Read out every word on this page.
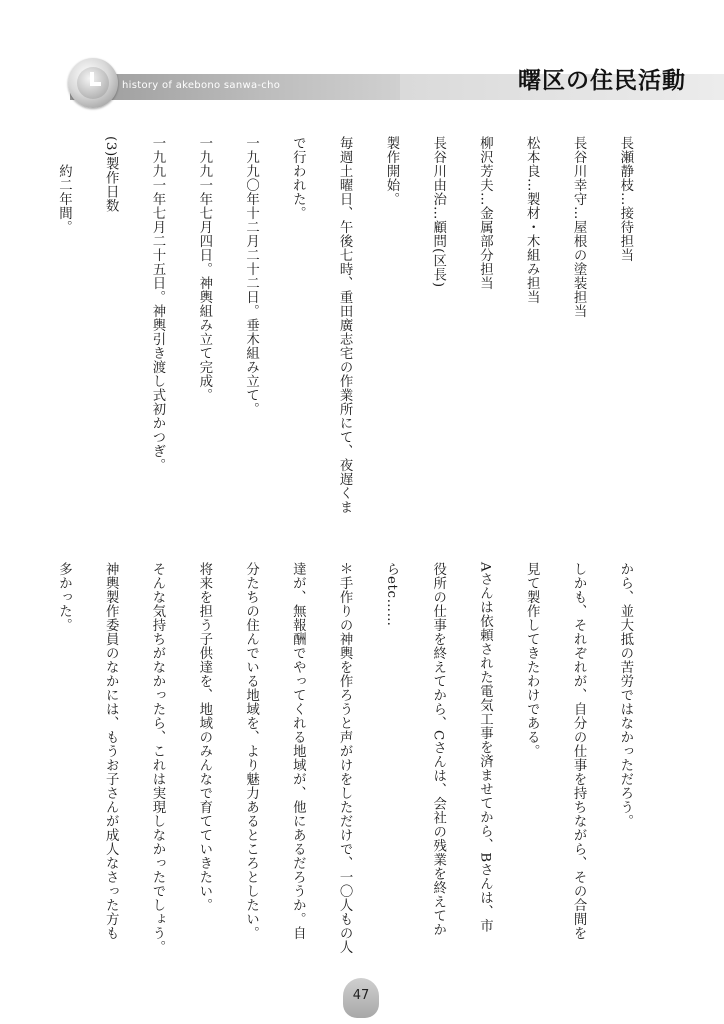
history of akebono sanwa-cho	曙区の住民活動

長瀬静枝…接待担当

長谷川幸守…屋根の塗装担当

松本良…製材・木組み担当

柳沢芳夫…金属部分担当

長谷川由治…顧問(区長)

製作開始。

毎週土曜日、午後七時、重田廣志宅の作業所にて、夜遅くま

で行われた。

一九九〇年十二月二十二日。垂木組み立て。

一九九一年七月四日。神輿組み立て完成。

一九九一年七月二十五日。神輿引き渡し式初かつぎ。

(3)製作日数

　　約二年間。

から、並大抵の苦労ではなかっただろう。

しかも、それぞれが、自分の仕事を持ちながら、その合間を

見て製作してきたわけである。

Aさんは依頼された電気工事を済ませてから、Bさんは、市

役所の仕事を終えてから、Cさんは、会社の残業を終えてか

らetc……

＊手作りの神輿を作ろうと声がけをしただけで、一〇人もの人

達が、無報酬でやってくれる地域が、他にあるだろうか。自

分たちの住んでいる地域を、より魅力あるところとしたい。

将来を担う子供達を、地域のみんなで育てていきたい。

そんな気持ちがなかったら、これは実現しなかったでしょう。

神輿製作委員のなかには、もうお子さんが成人なさった方も

多かった。

47
